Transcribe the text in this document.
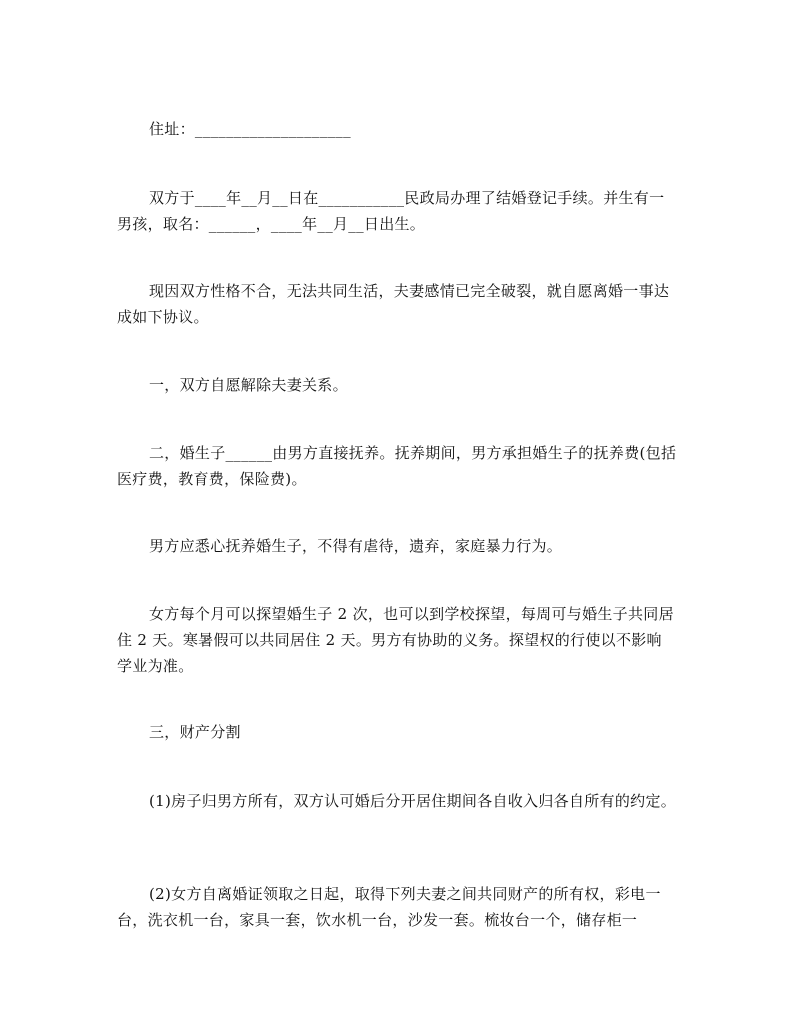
住址：____________________

双方于____年__月__日在___________民政局办理了结婚登记手续。并生有一男孩，取名：______，____年__月__日出生。

现因双方性格不合，无法共同生活，夫妻感情已完全破裂，就自愿离婚一事达成如下协议。

一，双方自愿解除夫妻关系。

二，婚生子______由男方直接抚养。抚养期间，男方承担婚生子的抚养费(包括医疗费，教育费，保险费)。

男方应悉心抚养婚生子，不得有虐待，遗弃，家庭暴力行为。

女方每个月可以探望婚生子 2 次，也可以到学校探望，每周可与婚生子共同居住 2 天。寒暑假可以共同居住 2 天。男方有协助的义务。探望权的行使以不影响学业为准。

三，财产分割

(1)房子归男方所有，双方认可婚后分开居住期间各自收入归各自所有的约定。

(2)女方自离婚证领取之日起，取得下列夫妻之间共同财产的所有权，彩电一台，洗衣机一台，家具一套，饮水机一台，沙发一套。梳妆台一个，储存柜一
